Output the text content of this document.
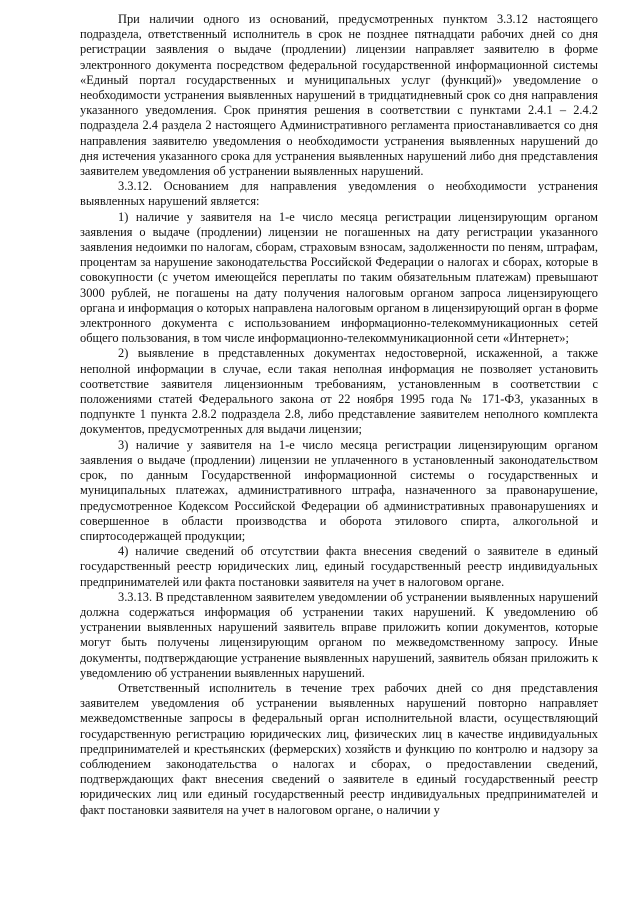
При наличии одного из оснований, предусмотренных пунктом 3.3.12 настоящего подраздела, ответственный исполнитель в срок не позднее пятнадцати рабочих дней со дня регистрации заявления о выдаче (продлении) лицензии направляет заявителю в форме электронного документа посредством федеральной государственной информационной системы «Единый портал государственных и муниципальных услуг (функций)» уведомление о необходимости устранения выявленных нарушений в тридцатидневный срок со дня направления указанного уведомления. Срок принятия решения в соответствии с пунктами 2.4.1 – 2.4.2 подраздела 2.4 раздела 2 настоящего Административного регламента приостанавливается со дня направления заявителю уведомления о необходимости устранения выявленных нарушений до дня истечения указанного срока для устранения выявленных нарушений либо дня представления заявителем уведомления об устранении выявленных нарушений.

3.3.12. Основанием для направления уведомления о необходимости устранения выявленных нарушений является:

1) наличие у заявителя на 1-е число месяца регистрации лицензирующим органом заявления о выдаче (продлении) лицензии не погашенных на дату регистрации указанного заявления недоимки по налогам, сборам, страховым взносам, задолженности по пеням, штрафам, процентам за нарушение законодательства Российской Федерации о налогах и сборах, которые в совокупности (с учетом имеющейся переплаты по таким обязательным платежам) превышают 3000 рублей, не погашены на дату получения налоговым органом запроса лицензирующего органа и информация о которых направлена налоговым органом в лицензирующий орган в форме электронного документа с использованием информационно-телекоммуникационных сетей общего пользования, в том числе информационно-телекоммуникационной сети «Интернет»;

2) выявление в представленных документах недостоверной, искаженной, а также неполной информации в случае, если такая неполная информация не позволяет установить соответствие заявителя лицензионным требованиям, установленным в соответствии с положениями статей Федерального закона от 22 ноября 1995 года № 171-ФЗ, указанных в подпункте 1 пункта 2.8.2 подраздела 2.8, либо представление заявителем неполного комплекта документов, предусмотренных для выдачи лицензии;

3) наличие у заявителя на 1-е число месяца регистрации лицензирующим органом заявления о выдаче (продлении) лицензии не уплаченного в установленный законодательством срок, по данным Государственной информационной системы о государственных и муниципальных платежах, административного штрафа, назначенного за правонарушение, предусмотренное Кодексом Российской Федерации об административных правонарушениях и совершенное в области производства и оборота этилового спирта, алкогольной и спиртосодержащей продукции;

4) наличие сведений об отсутствии факта внесения сведений о заявителе в единый государственный реестр юридических лиц, единый государственный реестр индивидуальных предпринимателей или факта постановки заявителя на учет в налоговом органе.

3.3.13. В представленном заявителем уведомлении об устранении выявленных нарушений должна содержаться информация об устранении таких нарушений. К уведомлению об устранении выявленных нарушений заявитель вправе приложить копии документов, которые могут быть получены лицензирующим органом по межведомственному запросу. Иные документы, подтверждающие устранение выявленных нарушений, заявитель обязан приложить к уведомлению об устранении выявленных нарушений.

Ответственный исполнитель в течение трех рабочих дней со дня представления заявителем уведомления об устранении выявленных нарушений повторно направляет межведомственные запросы в федеральный орган исполнительной власти, осуществляющий государственную регистрацию юридических лиц, физических лиц в качестве индивидуальных предпринимателей и крестьянских (фермерских) хозяйств и функцию по контролю и надзору за соблюдением законодательства о налогах и сборах, о предоставлении сведений, подтверждающих факт внесения сведений о заявителе в единый государственный реестр юридических лиц или единый государственный реестр индивидуальных предпринимателей и факт постановки заявителя на учет в налоговом органе, о наличии у
